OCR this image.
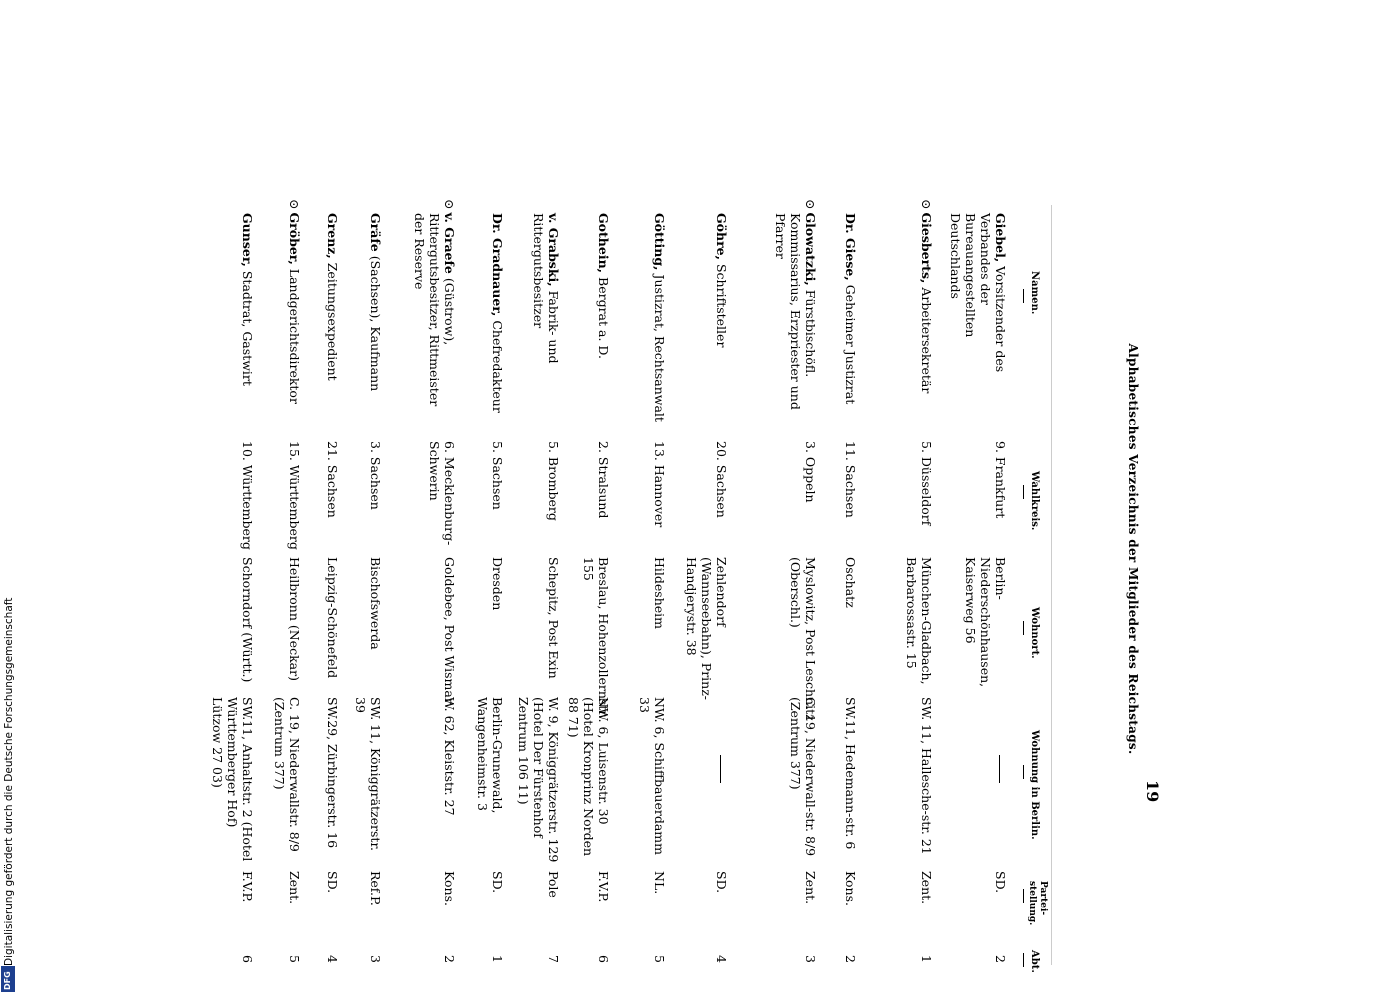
19
Alphabetisches Verzeichnis der Mitglieder des Reichstags.
Namen.
Wahlkreis.
Wohnort.
Wohnung in Berlin.
Partei-stellung.
Abt.
Giebel, Vorsitzender des Verbandes der Bureauangestellten Deutschlands
9. Frankfurt
Berlin-Niederschönhausen, Kaiserweg 56
SD.
2
⊙Giesberts, Arbeitersekretär
5. Düsseldorf
München-Gladbach, Barbarossastr. 15
SW. 11, Hallesche-str. 21
Zent.
1
Dr. Giese, Geheimer Justizrat
11. Sachsen
Oschatz
SW.11, Hedemann-str. 6
Kons.
2
⊙Glowatzki, Fürstbischöfl. Kommissarius, Erzpriester und Pfarrer
3. Oppeln
Myslowitz, Post Leschnitz (Oberschl.)
C. 19, Niederwall-str. 8/9 (Zentrum 377)
Zent.
3
Göhre, Schriftsteller
20. Sachsen
Zehlendorf (Wannseebahn), Prinz-Handjerystr. 38
SD.
4
Götting, Justizrat, Rechtsanwalt
13. Hannover
Hildesheim
NW. 6, Schiffbauerdamm 33
NL.
5
Gothein, Bergrat a. D.
2. Stralsund
Breslau, Hohenzollernstr. 155
NW. 6, Luisenstr. 30 (Hotel Kronprinz Norden 88 71)
F.V.P.
6
v. Grabski, Fabrik- und Rittergutsbesitzer
5. Bromberg
Schepitz, Post Exin
W. 9, Königgrätzerstr. 129 (Hotel Der Fürstenhof Zentrum 106 11)
Pole
7
Dr. Gradnauer, Chefredakteur
5. Sachsen
Dresden
Berlin-Grunewald, Wangenheimstr. 3
SD.
1
⊙v. Graefe (Güstrow), Rittergutsbesitzer, Rittmeister der Reserve
6. Mecklenburg-Schwerin
Goldebee, Post Wismar
W. 62, Kleiststr. 27
Kons.
2
Gräfe (Sachsen), Kaufmann
3. Sachsen
Bischofswerda
SW. 11, Königgrätzerstr. 39
Ref.P.
3
Grenz, Zeitungsexpedient
21. Sachsen
Leipzig-Schönefeld
SW.29, Zürbingerstr. 16
SD.
4
⊙Gröber, Landgerichtsdirektor
15. Württemberg
Heilbronn (Neckar)
C. 19, Niederwallstr. 8/9 (Zentrum 377)
Zent.
5
Gunser, Stadtrat, Gastwirt
10. Württemberg
Schorndorf (Württ.)
SW.11, Anhaltstr. 2 (Hotel Württemberger Hof) Lützow 27 03)
F.V.P.
6
Digitalisierung gefördert durch die Deutsche Forschungsgemeinschaft
DFG
